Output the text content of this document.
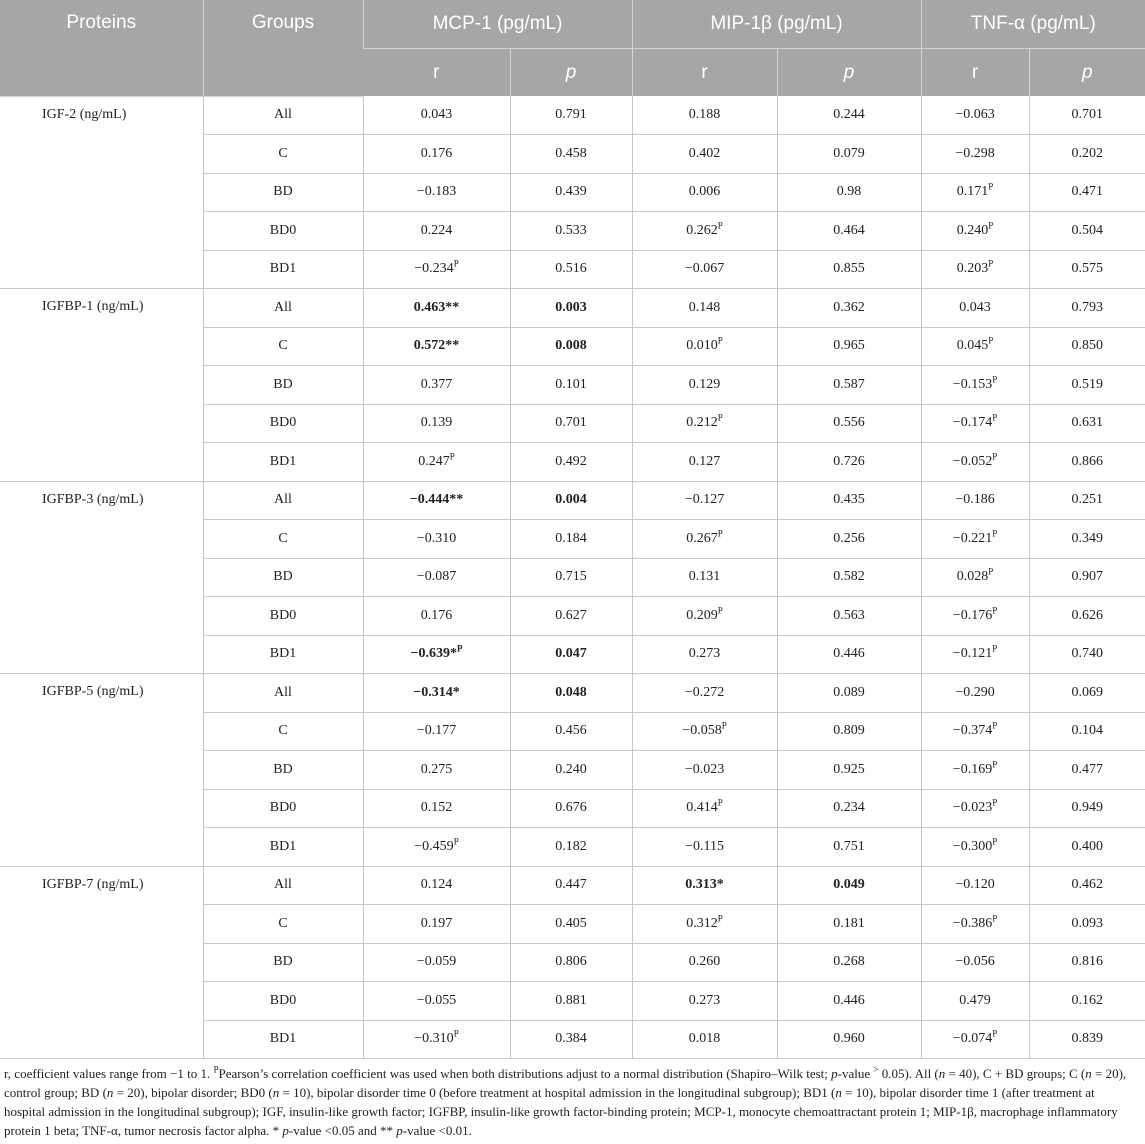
Proteins	Groups	MCP-1 (pg/mL)		MIP-1β (pg/mL)		TNF-α (pg/mL)	
		r	p	r	p	r	p
IGF-2 (ng/mL)	All	0.043	0.791	0.188	0.244	−0.063	0.701
	C	0.176	0.458	0.402	0.079	−0.298	0.202
	BD	−0.183	0.439	0.006	0.98	$0.171^P$	0.471
	BD0	0.224	0.533	$0.262^P$	0.464	$0.240^P$	0.504
	BD1	$-0.234^P$	0.516	−0.067	0.855	$0.203^P$	0.575
IGFBP-1 (ng/mL)	All	0.463**	0.003	0.148	0.362	0.043	0.793
	C	0.572**	0.008	$0.010^P$	0.965	$0.045^P$	0.850
	BD	0.377	0.101	0.129	0.587	$-0.153^P$	0.519
	BD0	0.139	0.701	$0.212^P$	0.556	$-0.174^P$	0.631
	BD1	$0.247^P$	0.492	0.127	0.726	$-0.052^P$	0.866
IGFBP-3 (ng/mL)	All	−0.444**	0.004	−0.127	0.435	−0.186	0.251
	C	−0.310	0.184	$0.267^P$	0.256	$-0.221^P$	0.349
	BD	−0.087	0.715	0.131	0.582	$0.028^P$	0.907
	BD0	0.176	0.627	$0.209^P$	0.563	$-0.176^P$	0.626
	BD1	−0.639*$^P$	0.047	0.273	0.446	$-0.121^P$	0.740
IGFBP-5 (ng/mL)	All	−0.314*	0.048	−0.272	0.089	−0.290	0.069
	C	−0.177	0.456	$-0.058^P$	0.809	$-0.374^P$	0.104
	BD	0.275	0.240	−0.023	0.925	$-0.169^P$	0.477
	BD0	0.152	0.676	$0.414^P$	0.234	$-0.023^P$	0.949
	BD1	$-0.459^P$	0.182	−0.115	0.751	$-0.300^P$	0.400
IGFBP-7 (ng/mL)	All	0.124	0.447	0.313*	0.049	−0.120	0.462
	C	0.197	0.405	$0.312^P$	0.181	$-0.386^P$	0.093
	BD	−0.059	0.806	0.260	0.268	−0.056	0.816
	BD0	−0.055	0.881	0.273	0.446	0.479	0.162
	BD1	$-0.310^P$	0.384	0.018	0.960	$-0.074^P$	0.839
r, coefficient values range from −1 to 1. $^P$Pearson’s correlation coefficient was used when both distributions adjust to a normal distribution (Shapiro–Wilk test; p-value ˃ 0.05). All (n = 40), C + BD groups; C (n = 20), control group; BD (n = 20), bipolar disorder; BD0 (n = 10), bipolar disorder time 0 (before treatment at hospital admission in the longitudinal subgroup); BD1 (n = 10), bipolar disorder time 1 (after treatment at hospital admission in the longitudinal subgroup); IGF, insulin-like growth factor; IGFBP, insulin-like growth factor-binding protein; MCP-1, monocyte chemoattractant protein 1; MIP-1β, macrophage inflammatory protein 1 beta; TNF-α, tumor necrosis factor alpha. * p-value <0.05 and ** p-value <0.01.
